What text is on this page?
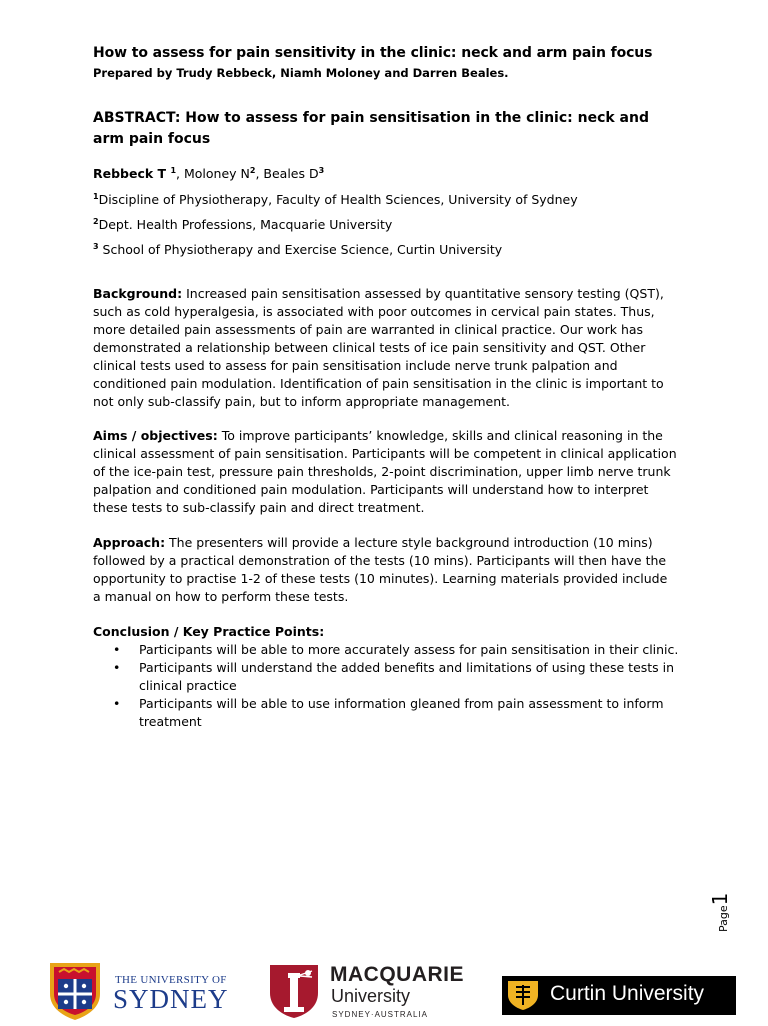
How to assess for pain sensitivity in the clinic: neck and arm pain focus
Prepared by Trudy Rebbeck, Niamh Moloney and Darren Beales.
ABSTRACT: How to assess for pain sensitisation in the clinic: neck and arm pain focus
Rebbeck T $^1$, Moloney $N^2$, Beales $D^3$
$^1$Discipline of Physiotherapy, Faculty of Health Sciences, University of Sydney
$^2$Dept. Health Professions, Macquarie University
$^3$ School of Physiotherapy and Exercise Science, Curtin University
Background: Increased pain sensitisation assessed by quantitative sensory testing (QST), such as cold hyperalgesia, is associated with poor outcomes in cervical pain states. Thus, more detailed pain assessments of pain are warranted in clinical practice. Our work has demonstrated a relationship between clinical tests of ice pain sensitivity and QST. Other clinical tests used to assess for pain sensitisation include nerve trunk palpation and conditioned pain modulation. Identification of pain sensitisation in the clinic is important to not only sub-classify pain, but to inform appropriate management.
Aims / objectives: To improve participants’ knowledge, skills and clinical reasoning in the clinical assessment of pain sensitisation. Participants will be competent in clinical application of the ice-pain test, pressure pain thresholds, 2-point discrimination, upper limb nerve trunk palpation and conditioned pain modulation. Participants will understand how to interpret these tests to sub-classify pain and direct treatment.
Approach: The presenters will provide a lecture style background introduction (10 mins) followed by a practical demonstration of the tests (10 mins). Participants will then have the opportunity to practise 1-2 of these tests (10 minutes). Learning materials provided include a manual on how to perform these tests.
Conclusion / Key Practice Points:
• Participants will be able to more accurately assess for pain sensitisation in their clinic.
• Participants will understand the added benefits and limitations of using these tests in clinical practice
• Participants will be able to use information gleaned from pain assessment to inform treatment
Page1
THE UNIVERSITY OF
SYDNEY
MACQUARIE
University
SYDNEY·AUSTRALIA
Curtin University
